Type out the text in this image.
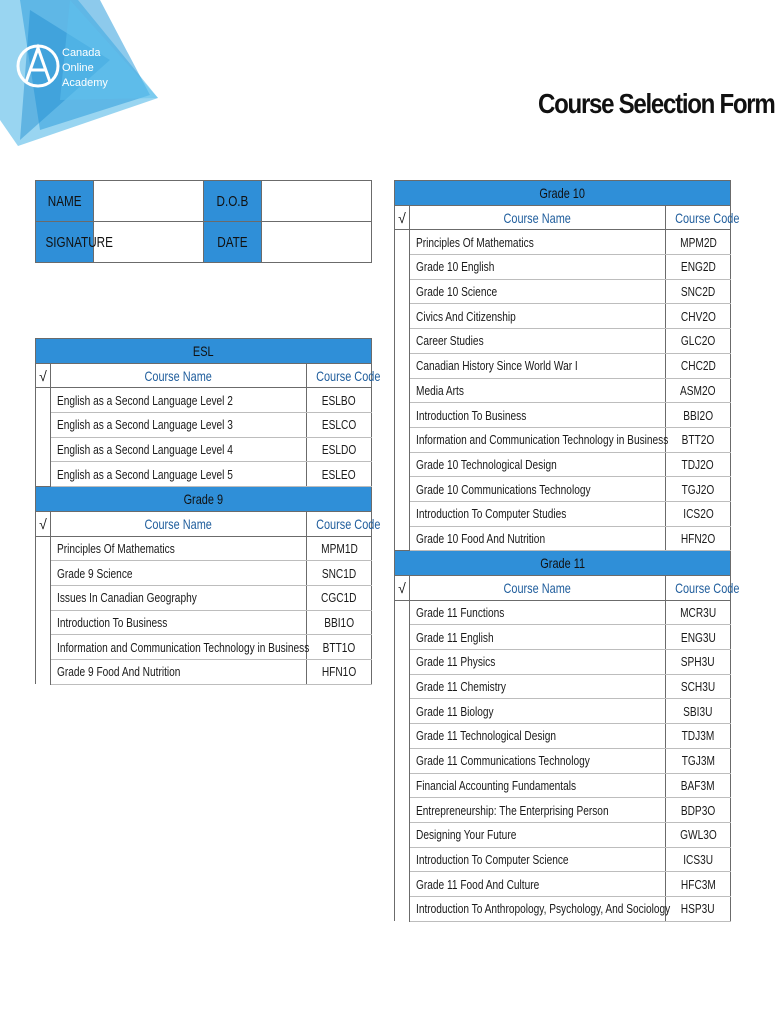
Canada
Online
Academy
Course Selection Form
NAME		D.O.B	
SIGNATURE		DATE	
ESL		
√	Course Name	Course Code
	English as a Second Language Level 2	ESLBO
	English as a Second Language Level 3	ESLCO
	English as a Second Language Level 4	ESLDO
	English as a Second Language Level 5	ESLEO
Grade 9		
√	Course Name	Course Code
	Principles Of Mathematics	MPM1D
	Grade 9 Science	SNC1D
	Issues In Canadian Geography	CGC1D
	Introduction To Business	BBI1O
	Information and Communication Technology in Business	BTT1O
	Grade 9 Food And Nutrition	HFN1O
Grade 10		
√	Course Name	Course Code
	Principles Of Mathematics	MPM2D
	Grade 10 English	ENG2D
	Grade 10 Science	SNC2D
	Civics And Citizenship	CHV2O
	Career Studies	GLC2O
	Canadian History Since World War I	CHC2D
	Media Arts	ASM2O
	Introduction To Business	BBI2O
	Information and Communication Technology in Business	BTT2O
	Grade 10 Technological Design	TDJ2O
	Grade 10 Communications Technology	TGJ2O
	Introduction To Computer Studies	ICS2O
	Grade 10 Food And Nutrition	HFN2O
Grade 11		
√	Course Name	Course Code
	Grade 11 Functions	MCR3U
	Grade 11 English	ENG3U
	Grade 11 Physics	SPH3U
	Grade 11 Chemistry	SCH3U
	Grade 11 Biology	SBI3U
	Grade 11 Technological Design	TDJ3M
	Grade 11 Communications Technology	TGJ3M
	Financial Accounting Fundamentals	BAF3M
	Entrepreneurship: The Enterprising Person	BDP3O
	Designing Your Future	GWL3O
	Introduction To Computer Science	ICS3U
	Grade 11 Food And Culture	HFC3M
	Introduction To Anthropology, Psychology, And Sociology	HSP3U
